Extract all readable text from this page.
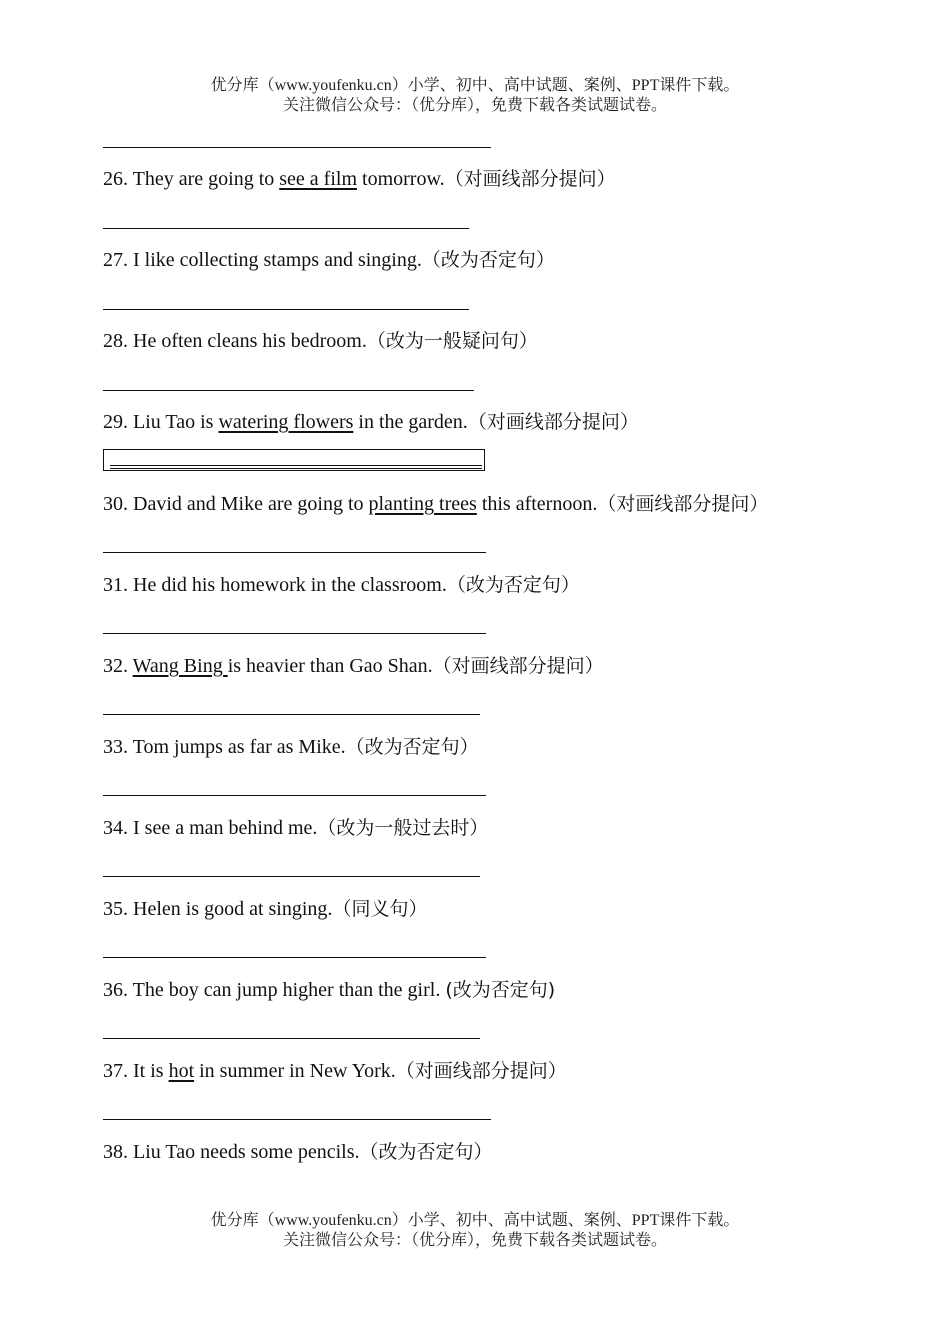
优分库（www.youfenku.cn）小学、初中、高中试题、案例、PPT课件下载。
关注微信公众号：（优分库），免费下载各类试题试卷。
26. They are going to see a film tomorrow.（对画线部分提问）
27. I like collecting stamps and singing.（改为否定句）
28. He often cleans his bedroom.（改为一般疑问句）
29. Liu Tao is watering flowers in the garden.（对画线部分提问）
30. David and Mike are going to planting trees this afternoon.（对画线部分提问）
31. He did his homework in the classroom.（改为否定句）
32. Wang Bing is heavier than Gao Shan.（对画线部分提问）
33. Tom jumps as far as Mike.（改为否定句）
34. I see a man behind me.（改为一般过去时）
35. Helen is good at singing.（同义句）
36. The boy can jump higher than the girl. (改为否定句)
37. It is hot in summer in New York.（对画线部分提问）
38. Liu Tao needs some pencils.（改为否定句）
优分库（www.youfenku.cn）小学、初中、高中试题、案例、PPT课件下载。
关注微信公众号：（优分库），免费下载各类试题试卷。
